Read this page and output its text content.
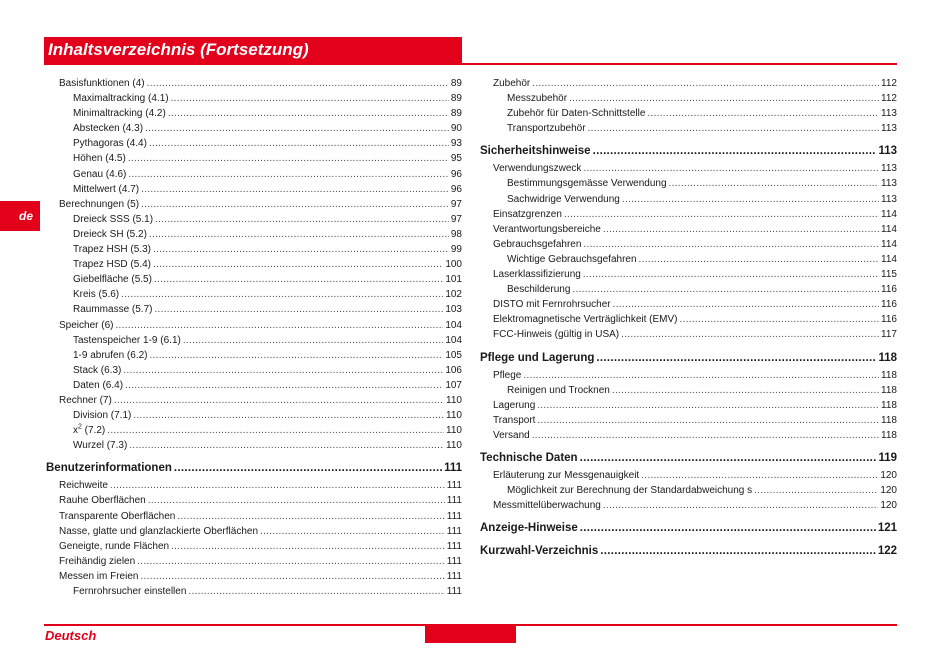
Inhaltsverzeichnis (Fortsetzung)
de
Basisfunktionen (4) .....	89
Maximaltracking (4.1) .....	89
Minimaltracking (4.2) .....	89
Abstecken (4.3) .....	90
Pythagoras (4.4) .....	93
Höhen (4.5) .....	95
Genau (4.6) .....	96
Mittelwert (4.7) .....	96
Berechnungen (5) .....	97
Dreieck SSS (5.1) .....	97
Dreieck SH (5.2) .....	98
Trapez HSH (5.3) .....	99
Trapez HSD (5.4) .....	100
Giebelfläche (5.5) .....	101
Kreis (5.6) .....	102
Raummasse (5.7) .....	103
Speicher (6) .....	104
Tastenspeicher 1-9 (6.1) .....	104
1-9 abrufen (6.2) .....	105
Stack (6.3) .....	106
Daten (6.4) .....	107
Rechner (7) .....	110
Division (7.1) .....	110
$x^2$ (7.2) .....	110
Wurzel (7.3) .....	110
Benutzerinformationen .....	111
Reichweite .....	111
Rauhe Oberflächen .....	111
Transparente Oberflächen .....	111
Nasse, glatte und glanzlackierte Oberflächen .....	111
Geneigte, runde Flächen .....	111
Freihändig zielen .....	111
Messen im Freien .....	111
Fernrohrsucher einstellen .....	111
Zubehör .....	112
Messzubehör .....	112
Zubehör für Daten-Schnittstelle .....	113
Transportzubehör .....	113
Sicherheitshinweise .....	113
Verwendungszweck .....	113
Bestimmungsgemässe Verwendung .....	113
Sachwidrige Verwendung .....	113
Einsatzgrenzen .....	114
Verantwortungsbereiche .....	114
Gebrauchsgefahren .....	114
Wichtige Gebrauchsgefahren .....	114
Laserklassifizierung .....	115
Beschilderung .....	116
DISTO mit Fernrohrsucher .....	116
Elektromagnetische Verträglichkeit (EMV) .....	116
FCC-Hinweis (gültig in USA) .....	117
Pflege und Lagerung .....	118
Pflege .....	118
Reinigen und Trocknen .....	118
Lagerung .....	118
Transport .....	118
Versand .....	118
Technische Daten .....	119
Erläuterung zur Messgenauigkeit .....	120
Möglichkeit zur Berechnung der Standardabweichung s .....	120
Messmittelüberwachung .....	120
Anzeige-Hinweise .....	121
Kurzwahl-Verzeichnis .....	122
Deutsch
